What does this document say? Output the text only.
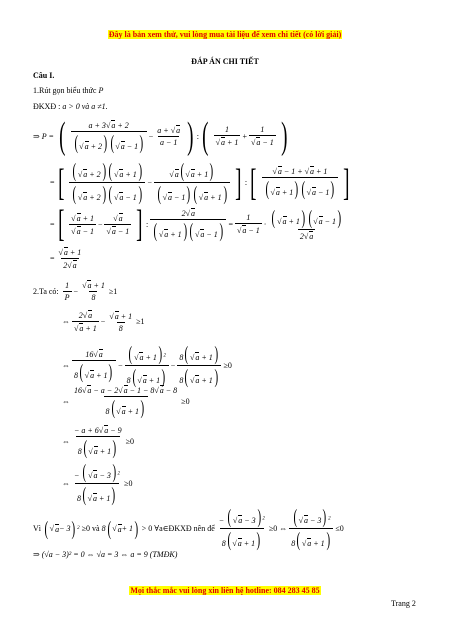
Đây là bản xem thử, vui lòng mua tài liệu để xem chi tiết (có lời giải)
ĐÁP ÁN CHI TIẾT
Câu I.
1.Rút gọn biểu thức P
ĐKXĐ : a > 0 và a ≠1.
⇒ P = ( $\frac{a + 3 √ a + 2}{( √ a + 2) ( √ a - 1)} - \frac{a + √ a}{a - 1}$ ) : ( 1
√ a + 1 + 1
√ a − 1 )
= [ $\frac{( √ a + 2) ( √ a + 1)}{( √ a + 2) ( √ a - 1)}$ − √ $\frac{a( √ a + 1)}{( √ a - 1) ( √ a + 1)}$ ] : [ √ $\frac{a - 1 + √ a + 1}{( √ a + 1) ( √ a - 1)}$ ]
= [ √ a + 1
√ a − 1 − √ a
√ a − 1 ] : $\frac{2 √ a}{( √ a + 1) ( √ a - 1)} = 1$
√ $a - 1 \cdot \frac{( √ a + 1) ( √ a - 1)}{2 √ a}$
= √ $\frac{a + 1}{2 √ a}$
2.Ta có:
$\frac{1}{P}$ − √ $\frac{a + 1}{8} \ge 1$
⇔ 2 √ a
√ a + 1 − √ $\frac{a + 1}{8} \ge 1$
⇔ $\frac{16 √ a}{8( √ a + 1)} - \frac{( √ a + 1) ^2}{8( √ a + 1)} - \frac{8( √ a + 1)}{8( √ a + 1)} \ge 0$
⇔ $\frac{16 √ a - a - 2 √ a - 1 - 8 √ a - 8}{8( √ a + 1)} \ge 0$
⇔ $\frac{- a + 6 √ a - 9}{8( √ a + 1)} \ge 0$
⇔ $\frac{- ( √ a - 3) ^2}{8( √ a + 1)} \ge 0$
Vì
( √ a − 3 ) 2
≥0 và 8 ( √ a + 1 )
> 0 ∀a∈ĐKXĐ nên để $\frac{- ( √ a - 3) ^2}{8( √ a + 1)} \ge 0$ ⇔ $\frac{( √ a - 3) ^2}{8( √ a + 1)} \le 0$
⇒ (√a − 3)² = 0 ⇔ √a = 3 ⇔ a = 9 (TMĐK)
Mọi thắc mắc vui lòng xin liên hệ hotline: 084 283 45 85
Trang 2
